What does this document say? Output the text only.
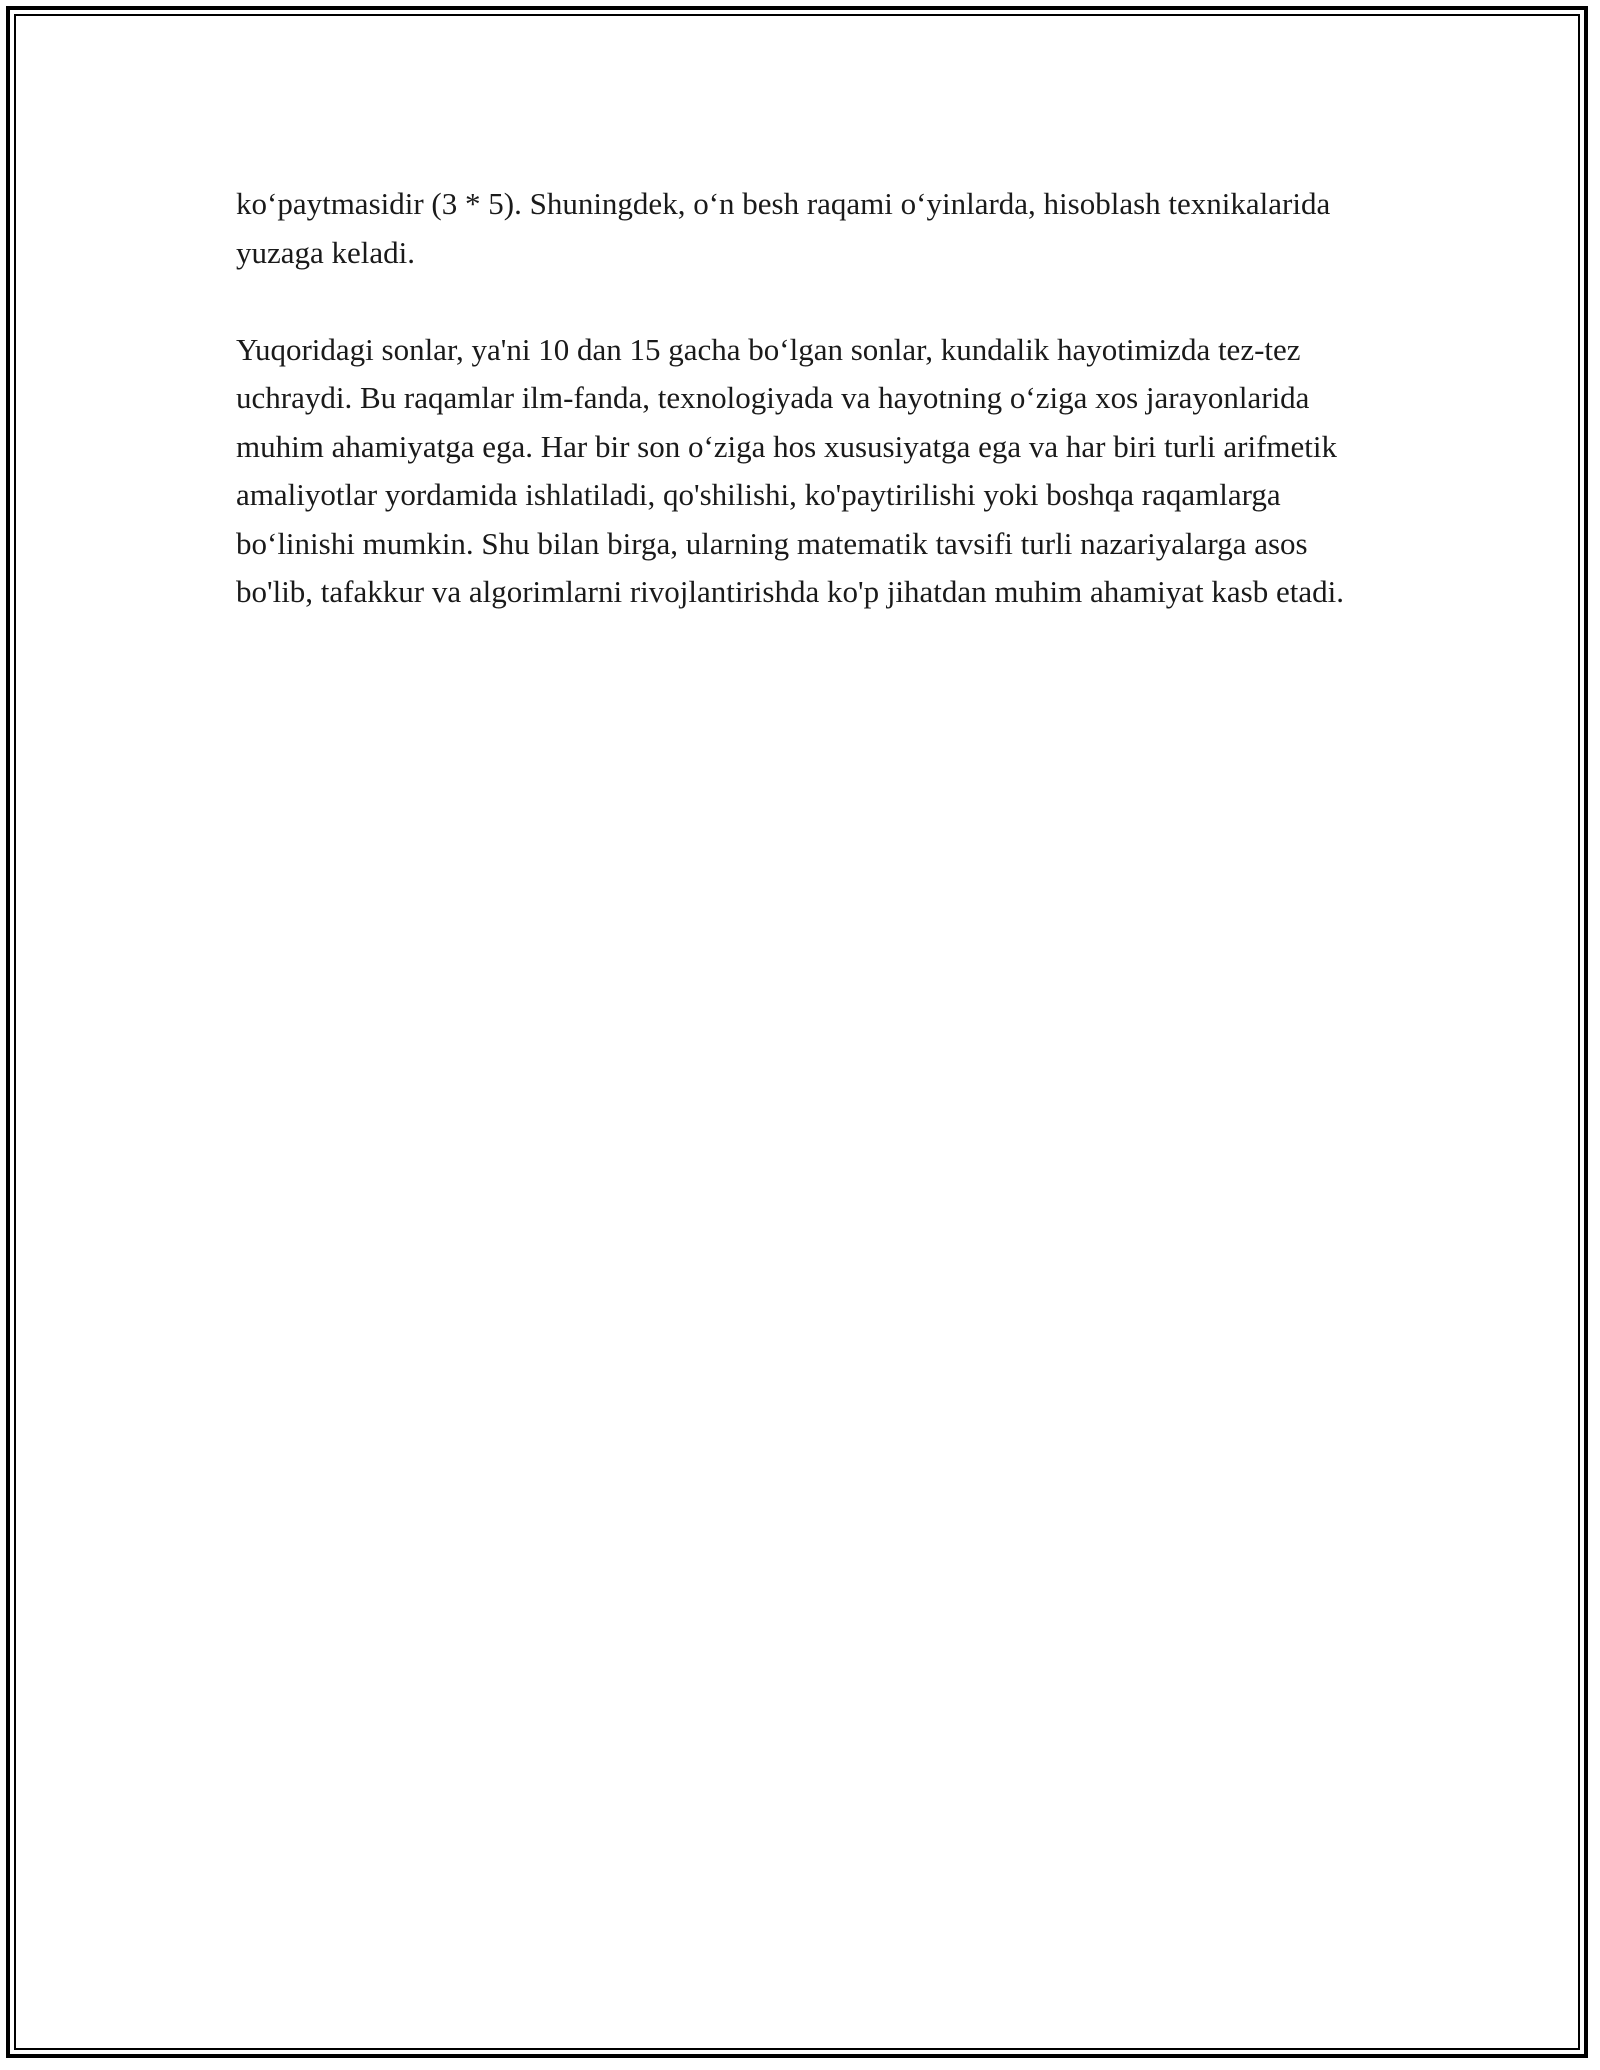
ko‘paytmasidir (3 * 5). Shuningdek, o‘n besh raqami o‘yinlarda, hisoblash texnikalarida yuzaga keladi.

Yuqoridagi sonlar, ya'ni 10 dan 15 gacha bo‘lgan sonlar, kundalik hayotimizda tez-tez uchraydi. Bu raqamlar ilm-fanda, texnologiyada va hayotning o‘ziga xos jarayonlarida muhim ahamiyatga ega. Har bir son o‘ziga hos xususiyatga ega va har biri turli arifmetik amaliyotlar yordamida ishlatiladi, qo'shilishi, ko'paytirilishi yoki boshqa raqamlarga bo‘linishi mumkin. Shu bilan birga, ularning matematik tavsifi turli nazariyalarga asos bo'lib, tafakkur va algorimlarni rivojlantirishda ko'p jihatdan muhim ahamiyat kasb etadi.
